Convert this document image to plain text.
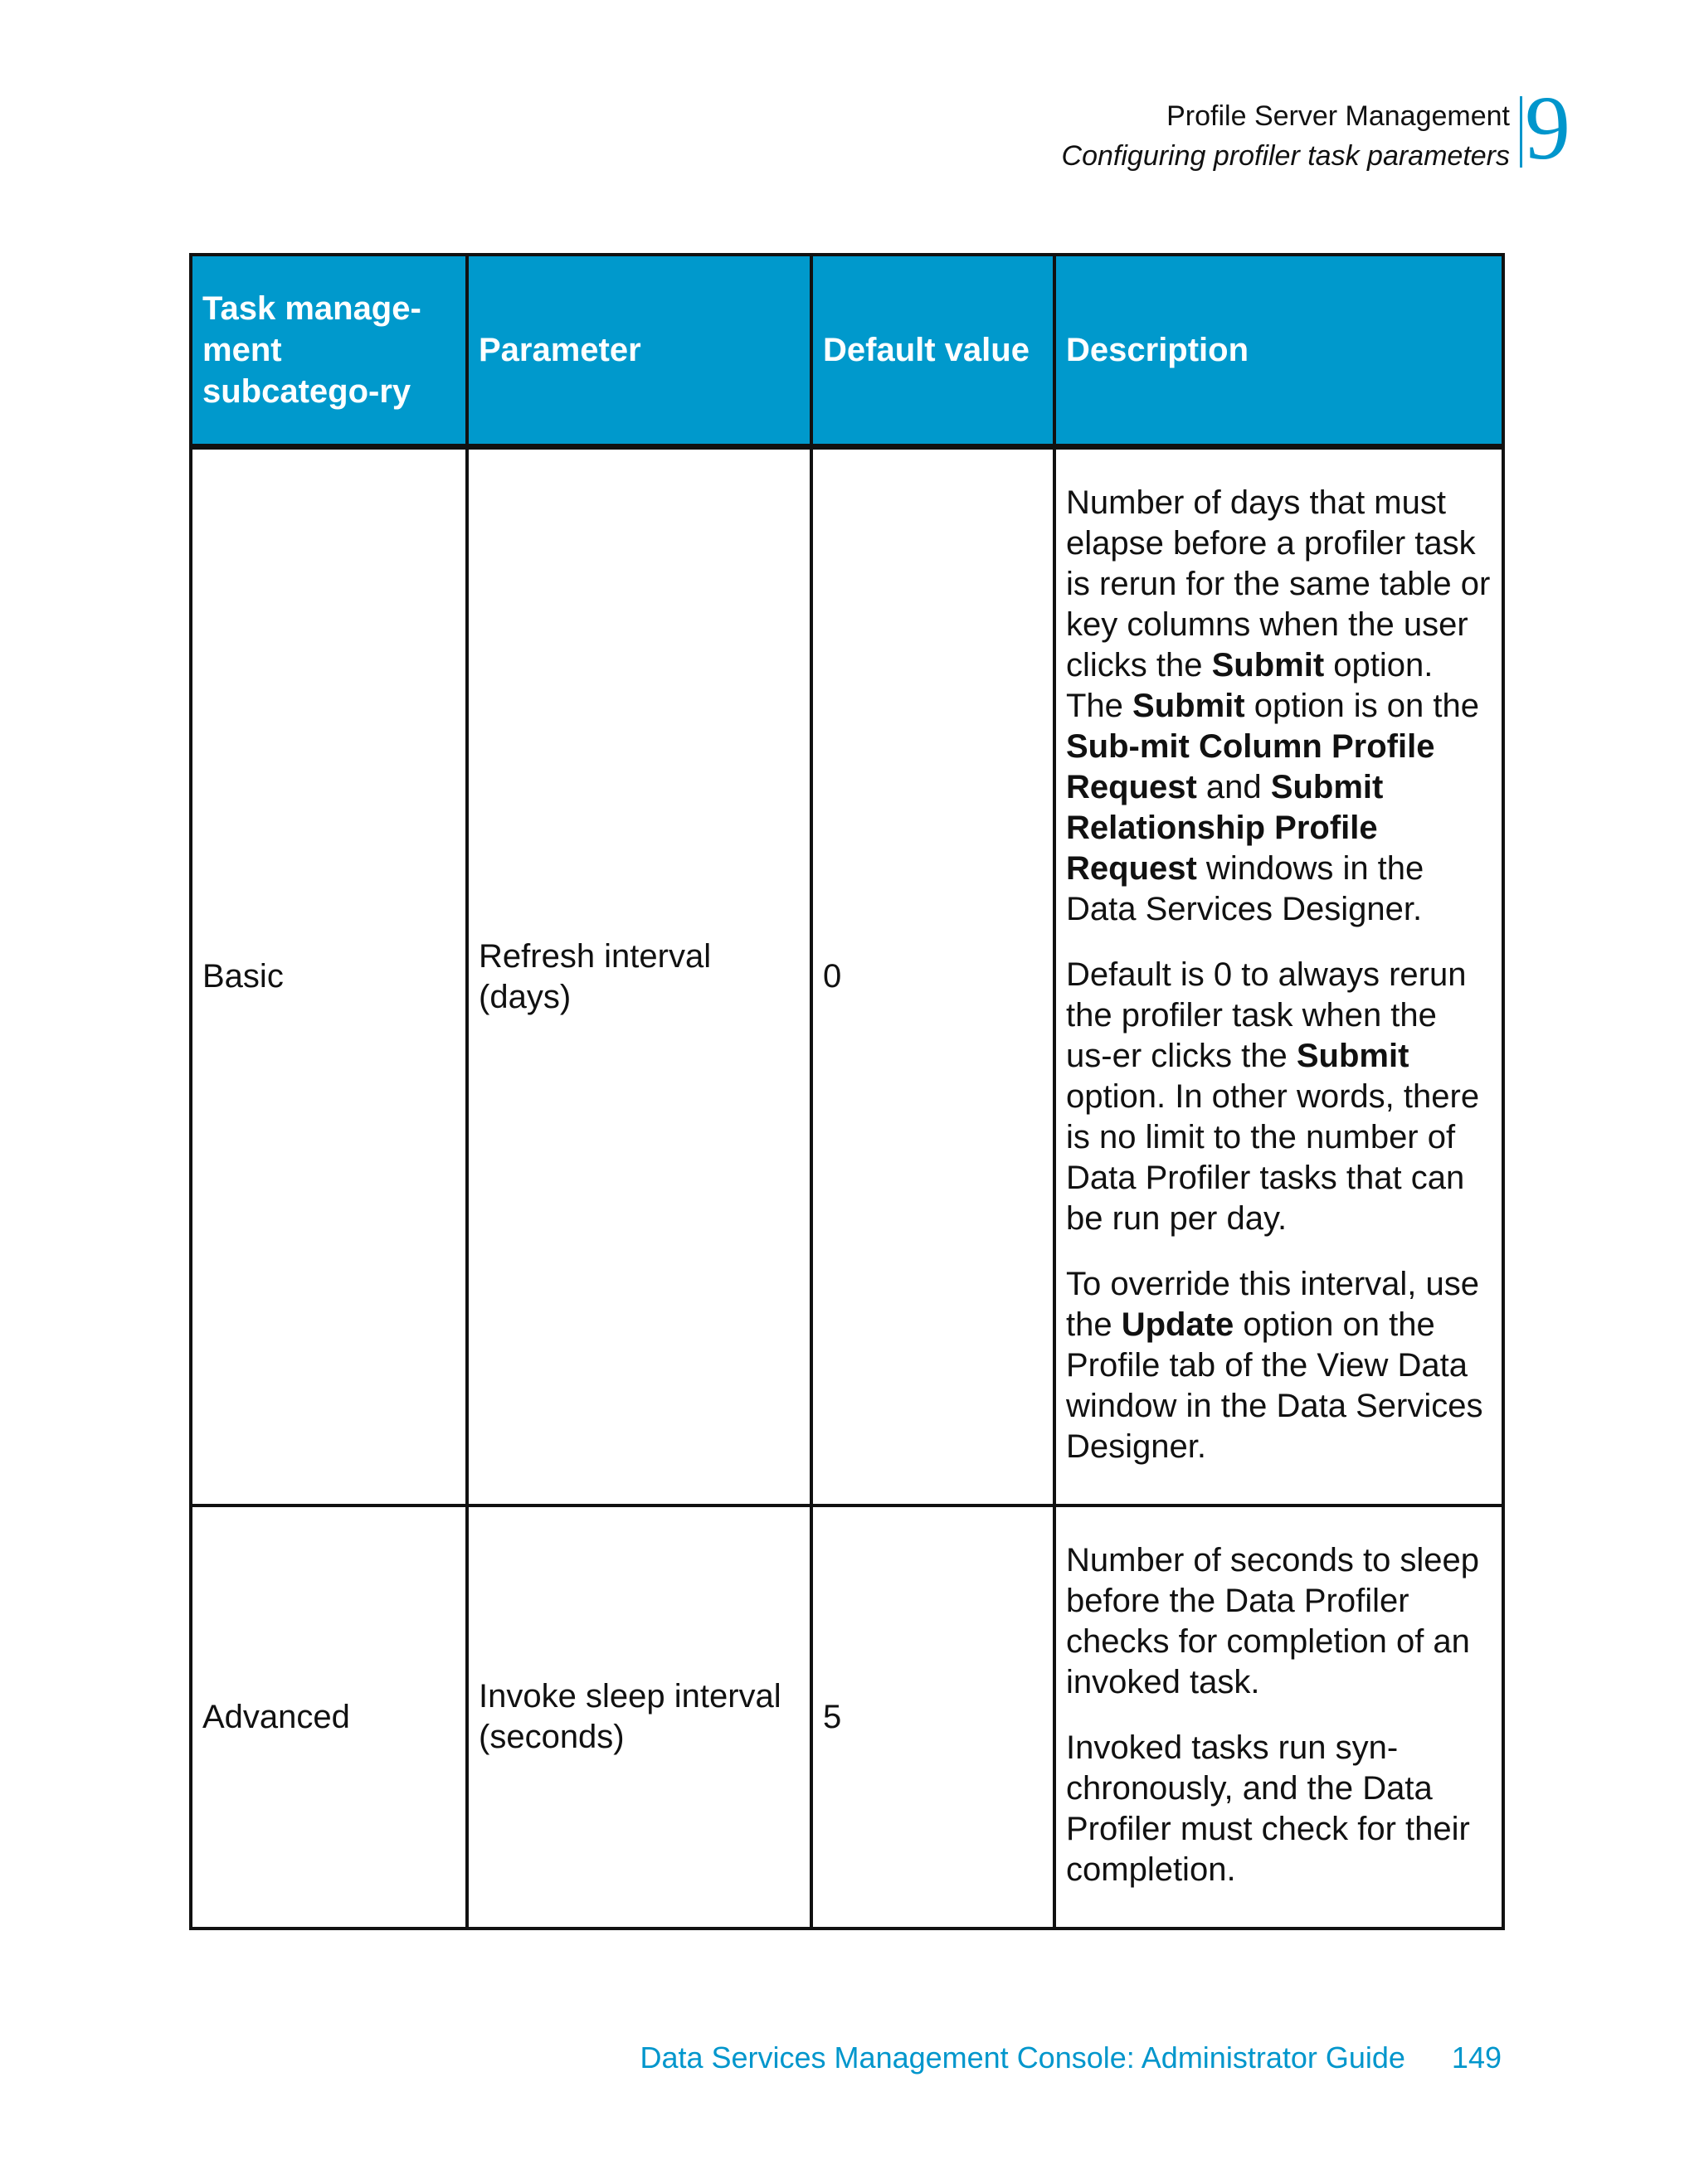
Profile Server Management
Configuring profiler task parameters 9
Task manage-ment subcatego-ry	Parameter	Default value	Description
Basic	Refresh interval (days)	0	Number of days that must elapse before a profiler task is rerun for the same table or key columns when the user clicks the Submit option. The Submit option is on the Sub-mit Column Profile Request and Submit Relationship Profile Request windows in the Data Services Designer.

Default is 0 to always rerun the profiler task when the us-er clicks the Submit option. In other words, there is no limit to the number of Data Profiler tasks that can be run per day.

To override this interval, use the Update option on the Profile tab of the View Data window in the Data Services Designer.

Advanced	Invoke sleep interval (seconds)	5	Number of seconds to sleep before the Data Profiler checks for completion of an invoked task.

Invoked tasks run syn-chronously, and the Data Profiler must check for their completion.

Data Services Management Console: Administrator Guide 149
